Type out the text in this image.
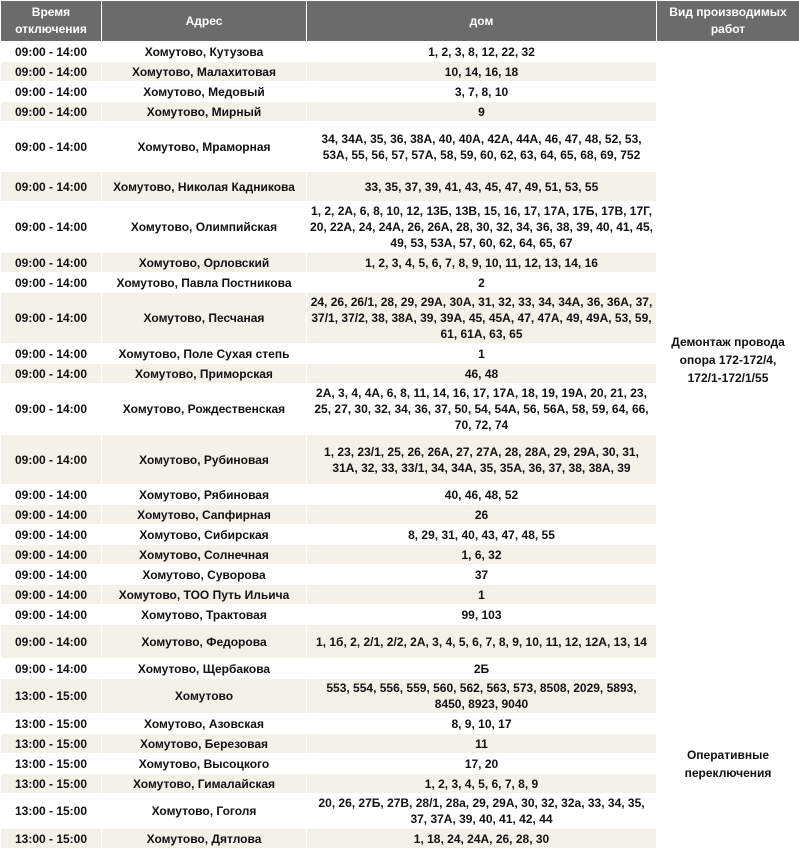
Время отключения	Адрес	дом	Вид производимых работ
09:00 - 14:00	Хомутово, Кутузова	1, 2, 3, 8, 12, 22, 32	Демонтаж провода опора 172-172/4, 172/1-172/1/55
09:00 - 14:00	Хомутово, Малахитовая	10, 14, 16, 18	
09:00 - 14:00	Хомутово, Медовый	3, 7, 8, 10	
09:00 - 14:00	Хомутово, Мирный	9	
09:00 - 14:00	Хомутово, Мраморная	34, 34А, 35, 36, 38А, 40, 40А, 42А, 44А, 46, 47, 48, 52, 53, 53А, 55, 56, 57, 57А, 58, 59, 60, 62, 63, 64, 65, 68, 69, 752	
09:00 - 14:00	Хомутово, Николая Кадникова	33, 35, 37, 39, 41, 43, 45, 47, 49, 51, 53, 55	
09:00 - 14:00	Хомутово, Олимпийская	1, 2, 2А, 6, 8, 10, 12, 13Б, 13В, 15, 16, 17, 17А, 17Б, 17В, 17Г, 20, 22А, 24, 24А, 26, 26А, 28, 30, 32, 34, 36, 38, 39, 40, 41, 45, 49, 53, 53А, 57, 60, 62, 64, 65, 67	
09:00 - 14:00	Хомутово, Орловский	1, 2, 3, 4, 5, 6, 7, 8, 9, 10, 11, 12, 13, 14, 16	
09:00 - 14:00	Хомутово, Павла Постникова	2	
09:00 - 14:00	Хомутово, Песчаная	24, 26, 26/1, 28, 29, 29А, 30А, 31, 32, 33, 34, 34А, 36, 36А, 37, 37/1, 37/2, 38, 38А, 39, 39А, 45, 45А, 47, 47А, 49, 49А, 53, 59, 61, 61А, 63, 65	
09:00 - 14:00	Хомутово, Поле Сухая степь	1	
09:00 - 14:00	Хомутово, Приморская	46, 48	
09:00 - 14:00	Хомутово, Рождественская	2А, 3, 4, 4А, 6, 8, 11, 14, 16, 17, 17А, 18, 19, 19А, 20, 21, 23, 25, 27, 30, 32, 34, 36, 37, 50, 54, 54А, 56, 56А, 58, 59, 64, 66, 70, 72, 74	
09:00 - 14:00	Хомутово, Рубиновая	1, 23, 23/1, 25, 26, 26А, 27, 27А, 28, 28А, 29, 29А, 30, 31, 31А, 32, 33, 33/1, 34, 34А, 35, 35А, 36, 37, 38, 38А, 39	
09:00 - 14:00	Хомутово, Рябиновая	40, 46, 48, 52	
09:00 - 14:00	Хомутово, Сапфирная	26	
09:00 - 14:00	Хомутово, Сибирская	8, 29, 31, 40, 43, 47, 48, 55	
09:00 - 14:00	Хомутово, Солнечная	1, 6, 32	
09:00 - 14:00	Хомутово, Суворова	37	
09:00 - 14:00	Хомутово, ТОО Путь Ильича	1	
09:00 - 14:00	Хомутово, Трактовая	99, 103	
09:00 - 14:00	Хомутово, Федорова	1, 1б, 2, 2/1, 2/2, 2А, 3, 4, 5, 6, 7, 8, 9, 10, 11, 12, 12А, 13, 14	
09:00 - 14:00	Хомутово, Щербакова	2Б	
13:00 - 15:00	Хомутово	553, 554, 556, 559, 560, 562, 563, 573, 8508, 2029, 5893, 8450, 8923, 9040	Оперативные переключения
13:00 - 15:00	Хомутово, Азовская	8, 9, 10, 17	
13:00 - 15:00	Хомутово, Березовая	11	
13:00 - 15:00	Хомутово, Высоцкого	17, 20	
13:00 - 15:00	Хомутово, Гималайская	1, 2, 3, 4, 5, 6, 7, 8, 9	
13:00 - 15:00	Хомутово, Гоголя	20, 26, 27Б, 27В, 28/1, 28а, 29, 29А, 30, 32, 32а, 33, 34, 35, 37, 37А, 39, 40, 41, 42, 44	
13:00 - 15:00	Хомутово, Дятлова	1, 18, 24, 24А, 26, 28, 30	
